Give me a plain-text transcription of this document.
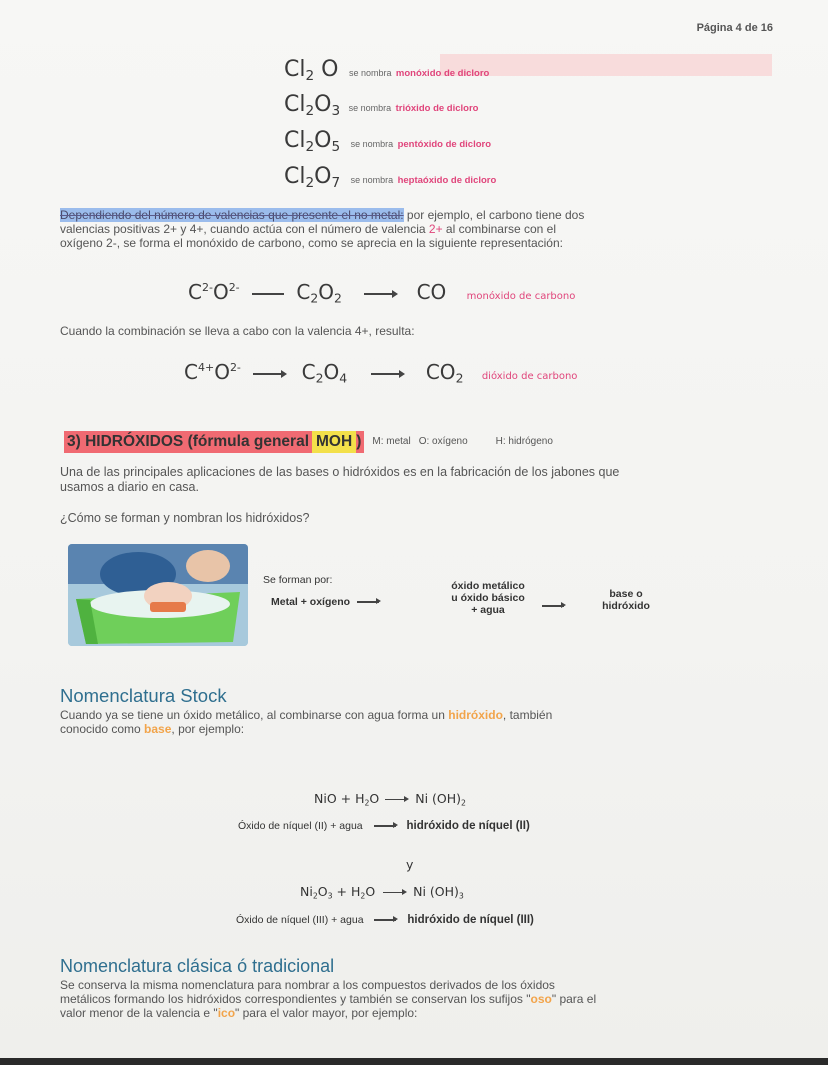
Página 4 de 16
$Cl_2$ O se nombra monóxido de dicloro
$Cl_2O_3$ se nombra trióxido de dicloro
$Cl_2O_5$ se nombra pentóxido de dicloro
$Cl_2O_7$ se nombra heptaóxido de dicloro
Dependiendo del número de valencias que presente el no metal: por ejemplo, el carbono tiene dos
valencias positivas 2+ y 4+, cuando actúa con el número de valencia 2+ al combinarse con el
oxígeno 2-, se forma el monóxido de carbono, como se aprecia en la siguiente representación:
$C^{2-}O^{2-}$	$C_2O_2$ → CO monóxido de carbono
Cuando la combinación se lleva a cabo con la valencia 4+, resulta:
$C^{4+}O^{2-} \to C_2O_4 \to CO_2$ dióxido de carbono
3) HIDRÓXIDOS (fórmula general MOH )	M: metal O: oxígeno	H: hidrógeno
Una de las principales aplicaciones de las bases o hidróxidos es en la fabricación de los jabones que
usamos a diario en casa.
¿Cómo se forman y nombran los hidróxidos?
Se forman por:
Metal + oxígeno
óxido metálico
u óxido básico
+ agua
base o
hidróxido
Nomenclatura Stock
Cuando ya se tiene un óxido metálico, al combinarse con agua forma un hidróxido, también
conocido como base, por ejemplo:
NiO + $H_2O$	Ni $(OH)_2$
Óxido de níquel (II) + agua	hidróxido de níquel (II)
y
$Ni_2O_3 + H_2O$	Ni $(OH)_3$
Óxido de níquel (III) + agua	hidróxido de níquel (III)
Nomenclatura clásica ó tradicional
Se conserva la misma nomenclatura para nombrar a los compuestos derivados de los óxidos
metálicos formando los hidróxidos correspondientes y también se conservan los sufijos "oso" para el
valor menor de la valencia e "ico" para el valor mayor, por ejemplo:
